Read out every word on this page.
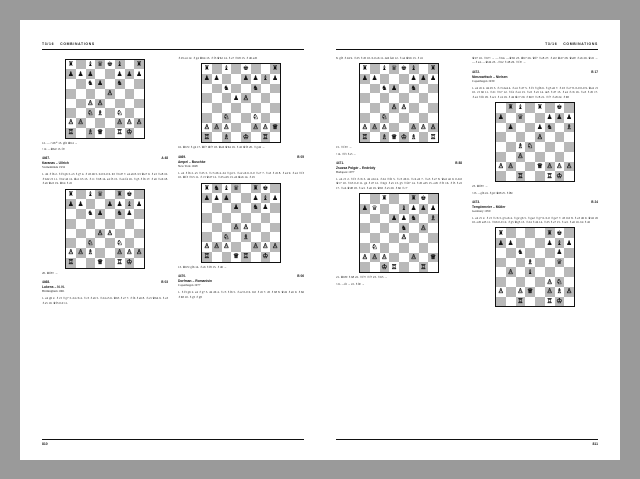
T3/16 COMBINATIONS
♜ ♝ ♛ ♚ ♝ ♜
♟ ♟ ♟	♟ ♟ ♟
♞ ♟ ♞
♙
♙ ♙
♘ ♗ ♘
♙ ♙	♙ ♙ ♙
♖ ♗ ♕ ♖ ♔
12. —♂d3?¹ 13. gf6 ♛h4 →
¹ 12. —♛h4! 13. f3!
4467.	A 48
Karanas – Ullrich
Swinemünde 1932
1. d4 ♗f6 2. ♗f3 g6 3. e3 ♗g7 4. ♗d3 d6 5. 0-0 0-0 6. h3 ♗bd7 7. e4 e6 8. b3 ♛e7 9. ♗a3 ♗e8 10. ♗bd2 c5 11. ♗b2 a6 12. ♛e1 b5 13. ♗c1 ♗b8 14. e4 f5 15. ♗e4 f4 16. ♗g5 ♗f6 17. ♗e6 ♗e6 18. ♗e6 ♛e5 19. ♛b4 ♗c6
♜ ♝ ♛ ♜ ♚
♟ ♟	♟ ♟ ♝ ♟
♞ ♟ ♞ ♟
♙ ♙
♘	♘
♙ ♙ ♗	♙ ♙ ♙
♖	♕ ♖ ♔
20. ♛f8!! →
4468.	B 03
Lukens – N. N.
Birmingham 1961
1. e4 g6 2. ♗c3 ♗g7 3. d4 c6 4. ♗c3 ♗a6 5. ♗d4 e5 6. ♛h5 ♗e7 7. ♗f6 ♗e6 8. ♗e3 ♛h4 9. ♗e3 ♗e5 10. ♛f3 0-0 11.
♗d5 e4 12. ♗g4 ♛h4 13. ♗f3 ♛h2 14. ♗e7 ♗h8 15. ♗d6 ed5
♜ ♝ ♚	♜
♟ ♟	♟ ♟ ♝ ♟
♞	♞
♟ ♙
♘	♘
♙ ♙ ♙	♙ ♙ ♕
♖ ♗ ♔ ♖
16. ♛b5! ♗g4 17. ♛f7 ♛f7 18. ♛e6 ♛h4 19. ♗d2 ♛f3 20. ♗gd4 →
4469.	B 05
Ampel – Buschke
New York 1948
1. e4 ♗f6 2. e5 ♗d5 3. ♗c3 d6 4. d4 ♗g4 5. ♗e2 e6 6. 0-0 ♗e7 7. ♗a3 ♗c6 8. ♗e4 9. ♗e4 ♗f3 10. ♛f3 ♗b5 11. ♗c3 ♛d7 12. ♗d5 ed5 13. e6 ♛e6 14. ♗d5
♜ ♞ ♝ ♛ ♜ ♚
♟ ♟ ♟	♟ ♝ ♟
♟ ♞ ♟
♙ ♙
♘ ♗
♙ ♙ ♙	♙ ♙ ♙
♖	♕ ♖ ♔
13. ♛h5! gf6 14. ♗e6 ♗f8 15. ♗d6 →
4470.	B 06
Dorfman – Romanisin
Copenhagen 1977
1. ♗f3 g6 2. e4 ♗g7 3. d4 d6 4. ♗c3 ♗f6 5. ♗e2 0-0 6. 0-0 ♗c6 7. d5 ♗b8 8. ♛d2 ♗a6 9. ♗h6 ♗h8 10. ♗g5 ♗g8
810
T3/16 COMBINATIONS
8. gf3 ♗d4 9. ♗d5 ♗d5 10. 0-0 e6 11. de6 fe6 12. ♗a4 ♛b6 13. ♗d1
♜ ♝ ♛ ♚ ♝ ♜
♟ ♟	♟ ♟ ♟
♞ ♟ ♞
♙ ♙
♘
♙ ♙ ♙	♙ ♙ ♙
♖ ♗ ♕ ♔ ♗ ♖
15. ♗f3!! →
¹ 14. ♗f3 ♗e5 →
4471.	B 88
Zsuzsa Polgár – Endrödy
Budapest 1977
1. e4 c5 2. ♗f3 ♗c6 3. d4 cd4 4. ♗d4 ♗f6 5. ♗c3 d6 6. ♗c4 e6 7. ♗e3 ♗e7 8. ♛e2 a6 9. 0-0-0 ♛c7 10. ♗b3 0-0 11. g4 ♗d7 12. ♗hg1 ♗e5 13. g5 ♗fd7 14. ♗d5 ed5 15. ed5 ♗f5 16. ♗f5 ♗e5 17. ♗e4 ♛d8 18. ♗ac1 ♗e6 19. ♛h5 ♗e5 20. ♗h6 ♗c7
♜	♜ ♚
♟ ♛	♝ ♟ ♟ ♟
♟ ♟ ♞ ♗
♞ ♙
♙
♘
♙ ♙ ♙	♙ ♕
♔ ♖	♖
21. ♛h8! ♗h8 22. ♗f7! ♗f7 23. ♗h5 →
¹ 21. —f6 → 22. ♗f6! →
♛d7 16. ♗h7! → —♗h4. —♛h5 23. ♛h7 26. ♛f7 ♗e8 27. ♗a6! ♛d7 28. ♛e8! ♗a6 29. ♛c6 → —♗a4. —♛d4 23. -♗h2 ♗d8 26. ♗f3! →
4472.	B 17
Nimzowitsch – Nielsen
Copenhagen 1930
1. e4 c6 2. d4 d5 3. ♗c3 de4 4. ♗e4 ♗d7 5. ♗f3 ♗gf6 6. ♗g3 e6 7. ♗d3 ♗e7 8. 0-0 0-0 9. ♛e2 c5 10. c3 b6 11. ♗d1 ♗b7 12. ♗f4 ♗e4 13. ♗e5 ♗e5 14. de5 ♗d7 15. ♗e4 ♗c6 16. ♗e3 ♗d5 17. ♗e4 ♗f6 18. ♗ac1 ♗c4 19. ♗d4 ♛c7 20. ♗h6!! ♗c8 21. ♗f7 ♗e8 22. ♗h8
♜ ♝ ♜ ♚
♟ ♛	♟ ♟ ♟
♟	♟ ♞ ♗
♙
♗ ♘
♙
♙ ♙	♕ ♙ ♙ ♙
♖	♖ ♔
23. ♛f8!! →
¹ 23. —gf6 24. ♗g4! ♛d8 25. ♗f8#
4473.	B 24
Templemeier – Müller
Germany 1950
1. e4 c5 2. ♗c3 ♗c6 3. g3 e6 4. ♗g2 g6 5. ♗ge2 ♗g7 6. 0-0 ♗ge7 7. d3 0-0 8. ♗e3 d6 9. ♛d2 d5 10. ed5 ed5 11. ♗h6 0-0 12. ♗g5 ♛g5 13. ♗d4 ♗d4 14. ♗d5 ♗e7 15. ♗ac1 ♗e6 16. b4 ♗d2
♜	♜ ♚
♟ ♟	♟ ♝ ♟
♞	♟
♗	♛
♙ ♝
♙ ♘
♙ ♙ ♕ ♙ ♗ ♙
♖	♖ ♔
811
